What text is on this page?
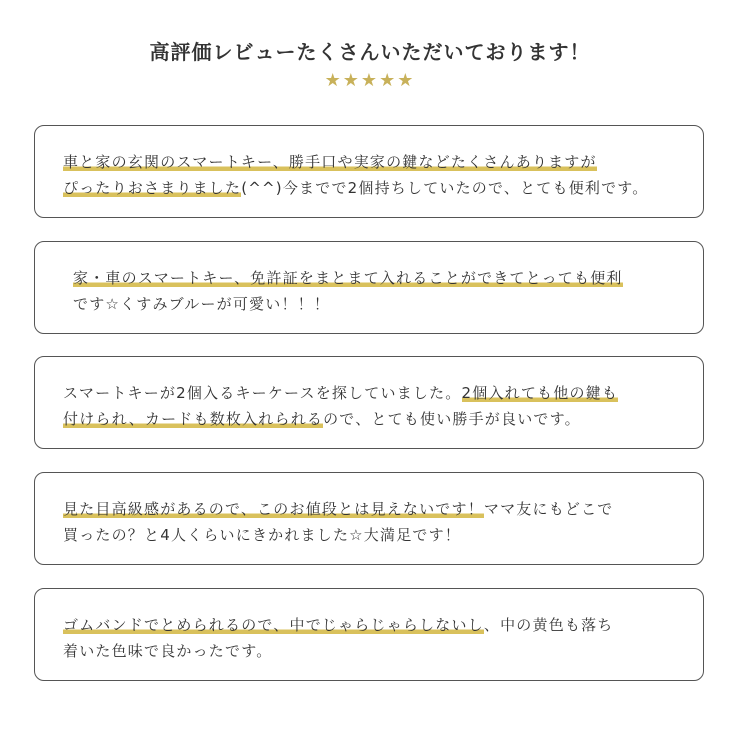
高評価レビューたくさんいただいております！
★★★★★
車と家の玄関のスマートキー、勝手口や実家の鍵などたくさんありますが
ぴったりおさまりました(^^)今までで2個持ちしていたので、とても便利です。
家・車のスマートキー、免許証をまとまて入れることができてとっても便利
です☆くすみブルーが可愛い！！！
スマートキーが2個入るキーケースを探していました。2個入れても他の鍵も
付けられ、カードも数枚入れられるので、とても使い勝手が良いです。
見た目高級感があるので、このお値段とは見えないです！ママ友にもどこで
買ったの？と4人くらいにきかれました☆大満足です！
ゴムバンドでとめられるので、中でじゃらじゃらしないし、中の黄色も落ち
着いた色味で良かったです。
